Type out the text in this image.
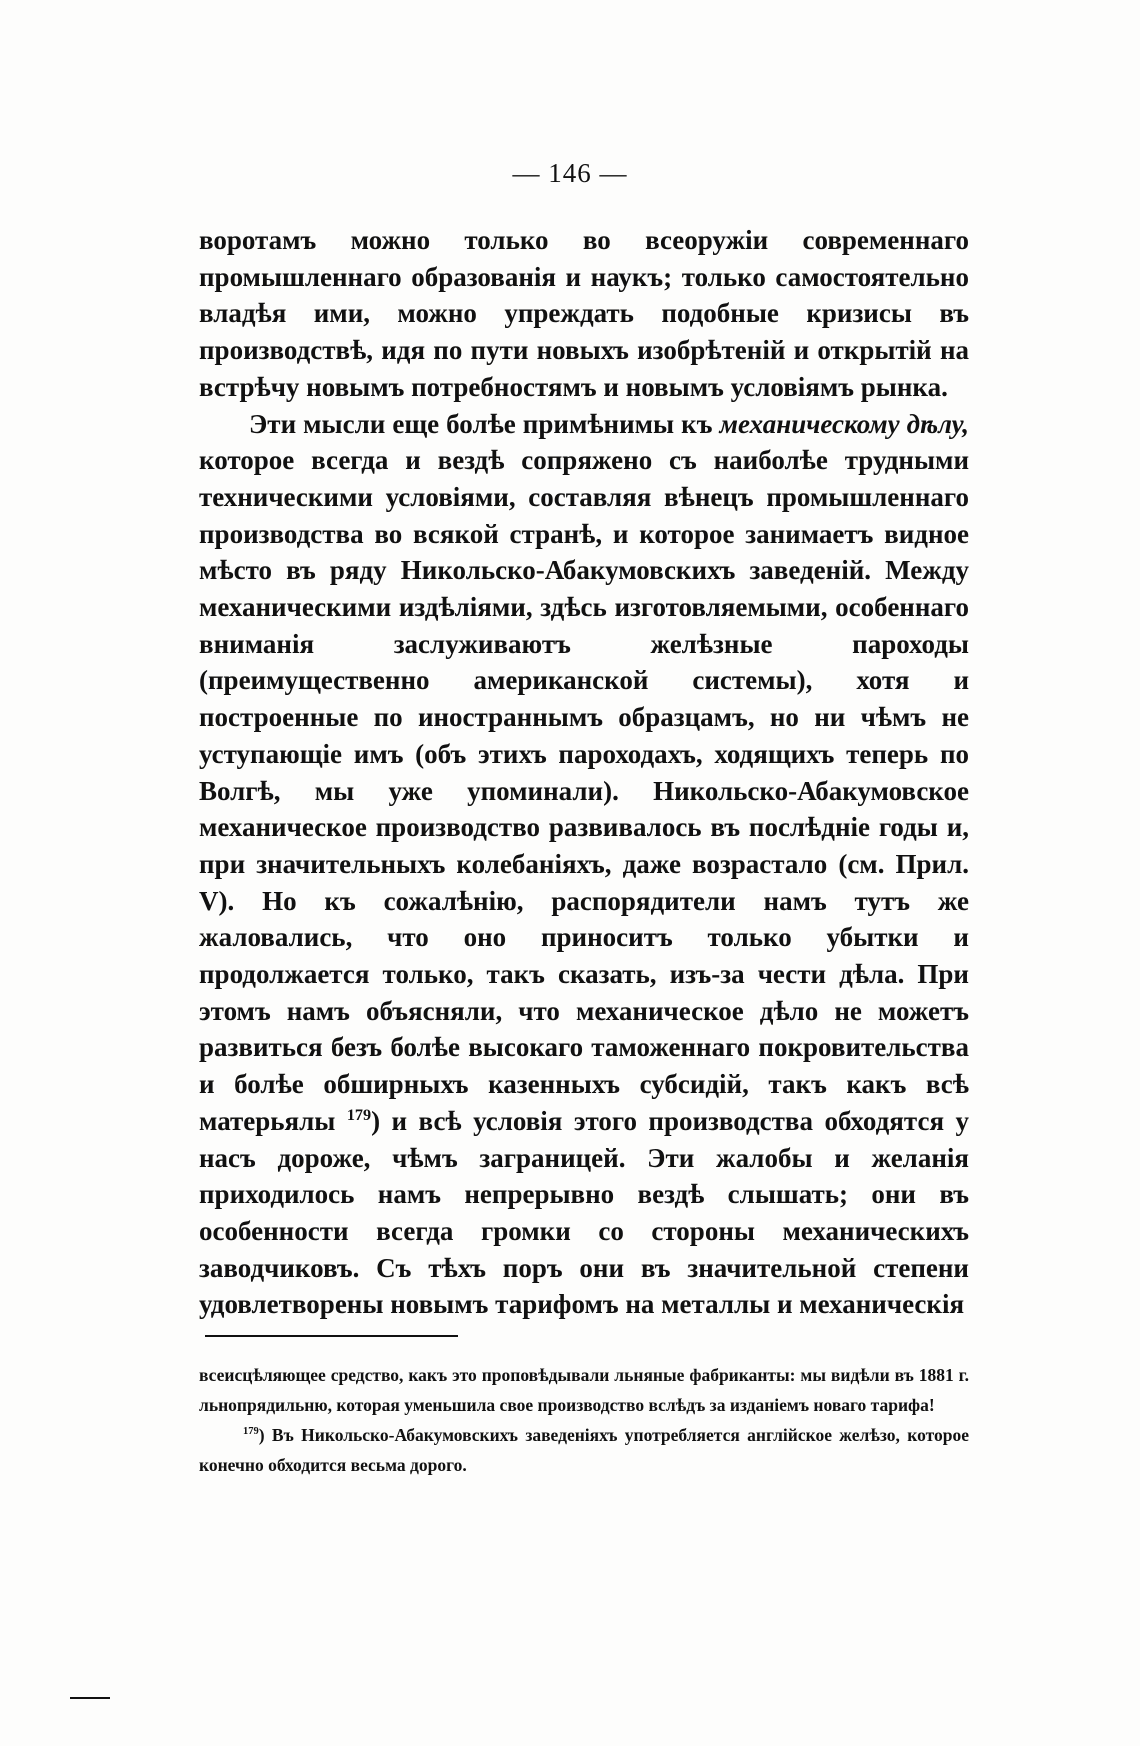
— 146 —

воротамъ можно только во всеоружіи современнаго промышленнаго образованія и наукъ; только самостоятельно владѣя ими, можно упреждать подобные кризисы въ производствѣ, идя по пути новыхъ изобрѣтеній и открытій на встрѣчу новымъ потребностямъ и новымъ условіямъ рынка.

Эти мысли еще болѣе примѣнимы къ механическому дѣлу, которое всегда и вездѣ сопряжено съ наиболѣе трудными техническими условіями, составляя вѣнецъ промышленнаго производства во всякой странѣ, и которое занимаетъ видное мѣсто въ ряду Никольско-Абакумовскихъ заведеній. Между механическими издѣліями, здѣсь изготовляемыми, особеннаго вниманія заслуживаютъ желѣзные пароходы (преимущественно американской системы), хотя и построенные по иностраннымъ образцамъ, но ни чѣмъ не уступающіе имъ (объ этихъ пароходахъ, ходящихъ теперь по Волгѣ, мы уже упоминали). Никольско-Абакумовское механическое производство развивалось въ послѣдніе годы и, при значительныхъ колебаніяхъ, даже возрастало (см. Прил. V). Но къ сожалѣнію, распорядители намъ тутъ же жаловались, что оно приноситъ только убытки и продолжается только, такъ сказать, изъ-за чести дѣла. При этомъ намъ объясняли, что механическое дѣло не можетъ развиться безъ болѣе высокаго таможеннаго покровительства и болѣе обширныхъ казенныхъ субсидій, такъ какъ всѣ матерьялы $^{179}$) и всѣ условія этого производства обходятся у насъ дороже, чѣмъ заграницей. Эти жалобы и желанія приходилось намъ непрерывно вездѣ слышать; они въ особенности всегда громки со стороны механическихъ заводчиковъ. Съ тѣхъ поръ они въ значительной степени удовлетворены новымъ тарифомъ на металлы и механическія

всеисцѣляющее средство, какъ это проповѣдывали льняные фабриканты: мы видѣли въ 1881 г. льнопрядильню, которая уменьшила свое производство вслѣдъ за изданіемъ новаго тарифа!

$^{179}$) Въ Никольско-Абакумовскихъ заведеніяхъ употребляется англійское желѣзо, которое конечно обходится весьма дорого.
